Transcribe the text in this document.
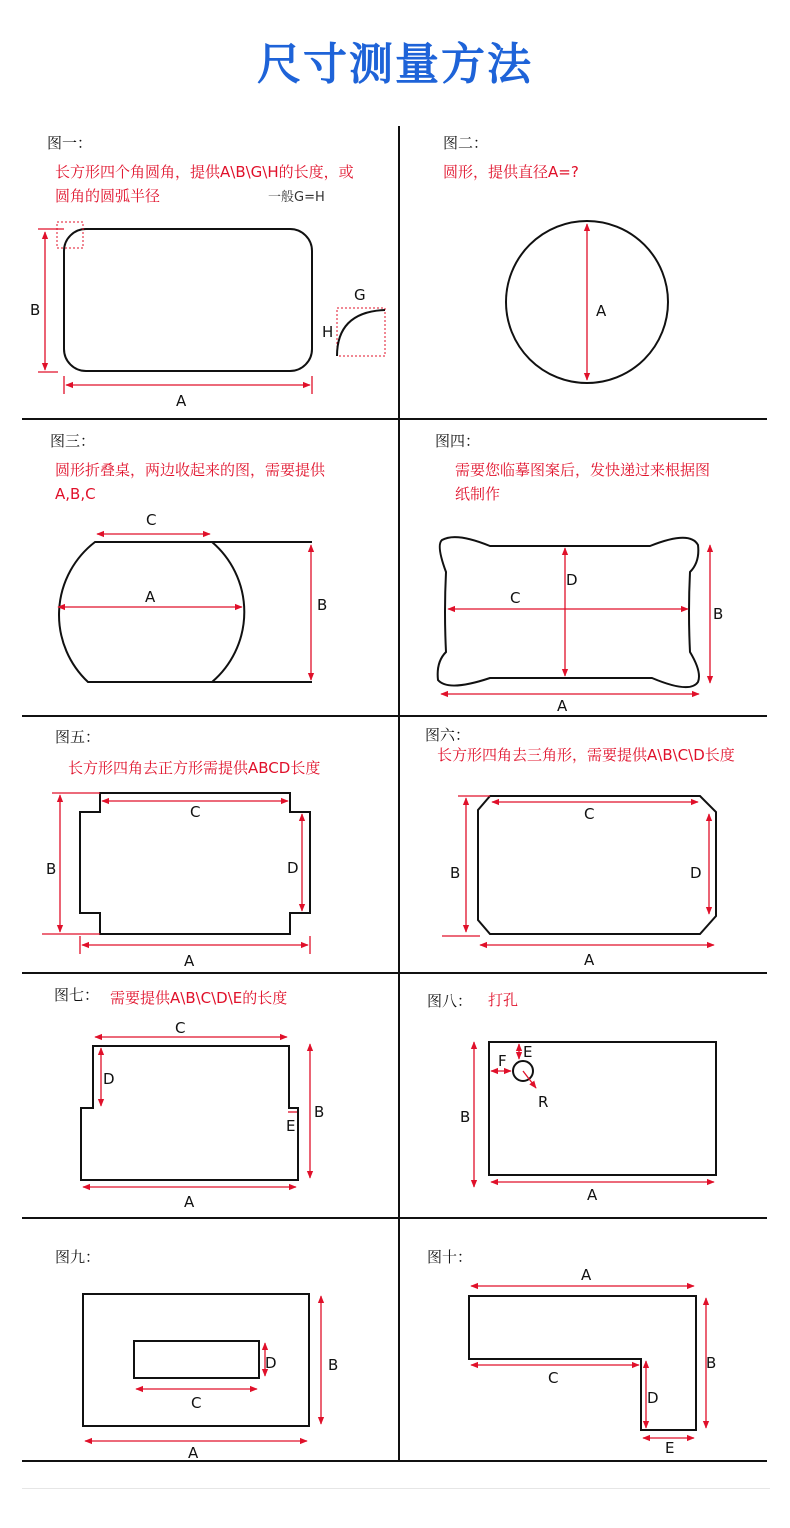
尺寸测量方法
图一：
长方形四个角圆角，提供A\B\G\H的长度，或圆角的圆弧半径	一般G=H
图二：
圆形，提供直径A=?
图三：
圆形折叠桌，两边收起来的图，需要提供A,B,C
图四：
需要您临摹图案后，发快递过来根据图纸制作
图五：
长方形四角去正方形需提供ABCD长度
图六：
长方形四角去三角形，需要提供A\B\C\D长度
图七： 需要提供A\B\C\D\E的长度	图八： 打孔
图九：	图十：
B
A
G
H
A
C
A	B
D
C
B
A
B
C
D
A
C
B	D
A
C
D
E
B
A
B
A
F E
R
D
C
B
A
A
C
D
B
E
